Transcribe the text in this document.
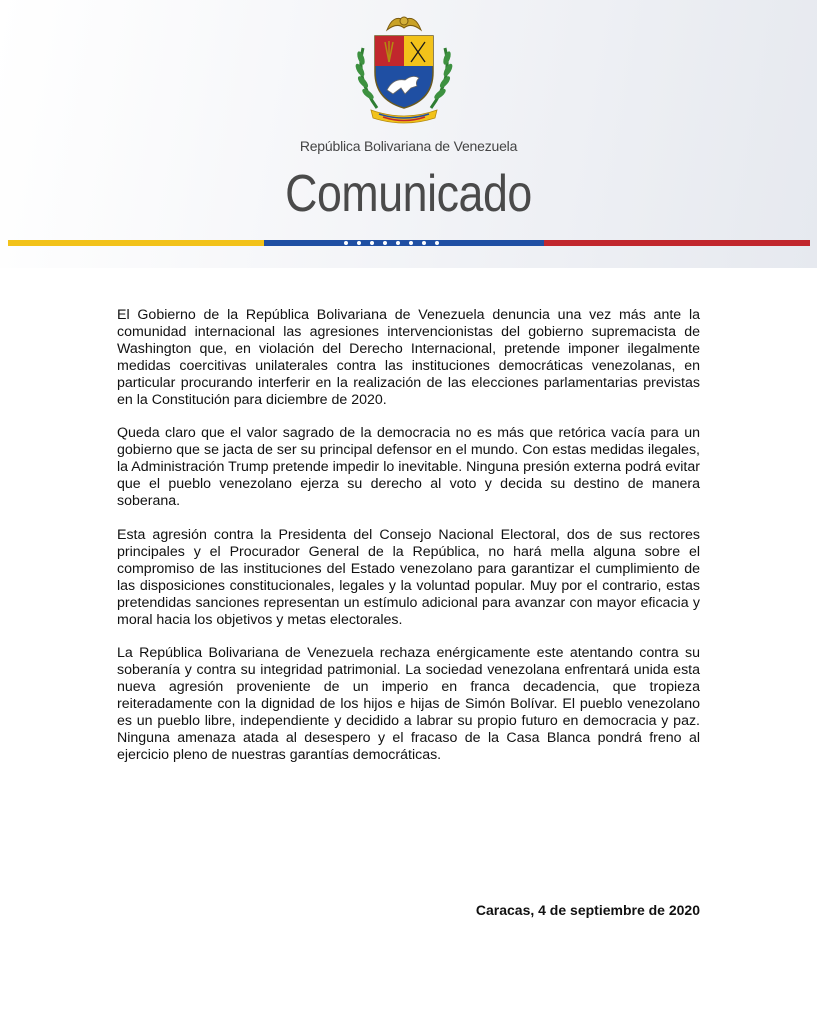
República Bolivariana de Venezuela
Comunicado

El Gobierno de la República Bolivariana de Venezuela denuncia una vez más ante la comunidad internacional las agresiones intervencionistas del gobierno supremacista de Washington que, en violación del Derecho Internacional, pretende imponer ilegalmente medidas coercitivas unilaterales contra las instituciones democráticas venezolanas, en particular procurando interferir en la realización de las elecciones parlamentarias previstas en la Constitución para diciembre de 2020.

Queda claro que el valor sagrado de la democracia no es más que retórica vacía para un gobierno que se jacta de ser su principal defensor en el mundo. Con estas medidas ilegales, la Administración Trump pretende impedir lo inevitable. Ninguna presión externa podrá evitar que el pueblo venezolano ejerza su derecho al voto y decida su destino de manera soberana.

Esta agresión contra la Presidenta del Consejo Nacional Electoral, dos de sus rectores principales y el Procurador General de la República, no hará mella alguna sobre el compromiso de las instituciones del Estado venezolano para garantizar el cumplimiento de las disposiciones constitucionales, legales y la voluntad popular. Muy por el contrario, estas pretendidas sanciones representan un estímulo adicional para avanzar con mayor eficacia y moral hacia los objetivos y metas electorales.

La República Bolivariana de Venezuela rechaza enérgicamente este atentando contra su soberanía y contra su integridad patrimonial. La sociedad venezolana enfrentará unida esta nueva agresión proveniente de un imperio en franca decadencia, que tropieza reiteradamente con la dignidad de los hijos e hijas de Simón Bolívar. El pueblo venezolano es un pueblo libre, independiente y decidido a labrar su propio futuro en democracia y paz. Ninguna amenaza atada al desespero y el fracaso de la Casa Blanca pondrá freno al ejercicio pleno de nuestras garantías democráticas.

Caracas, 4 de septiembre de 2020
